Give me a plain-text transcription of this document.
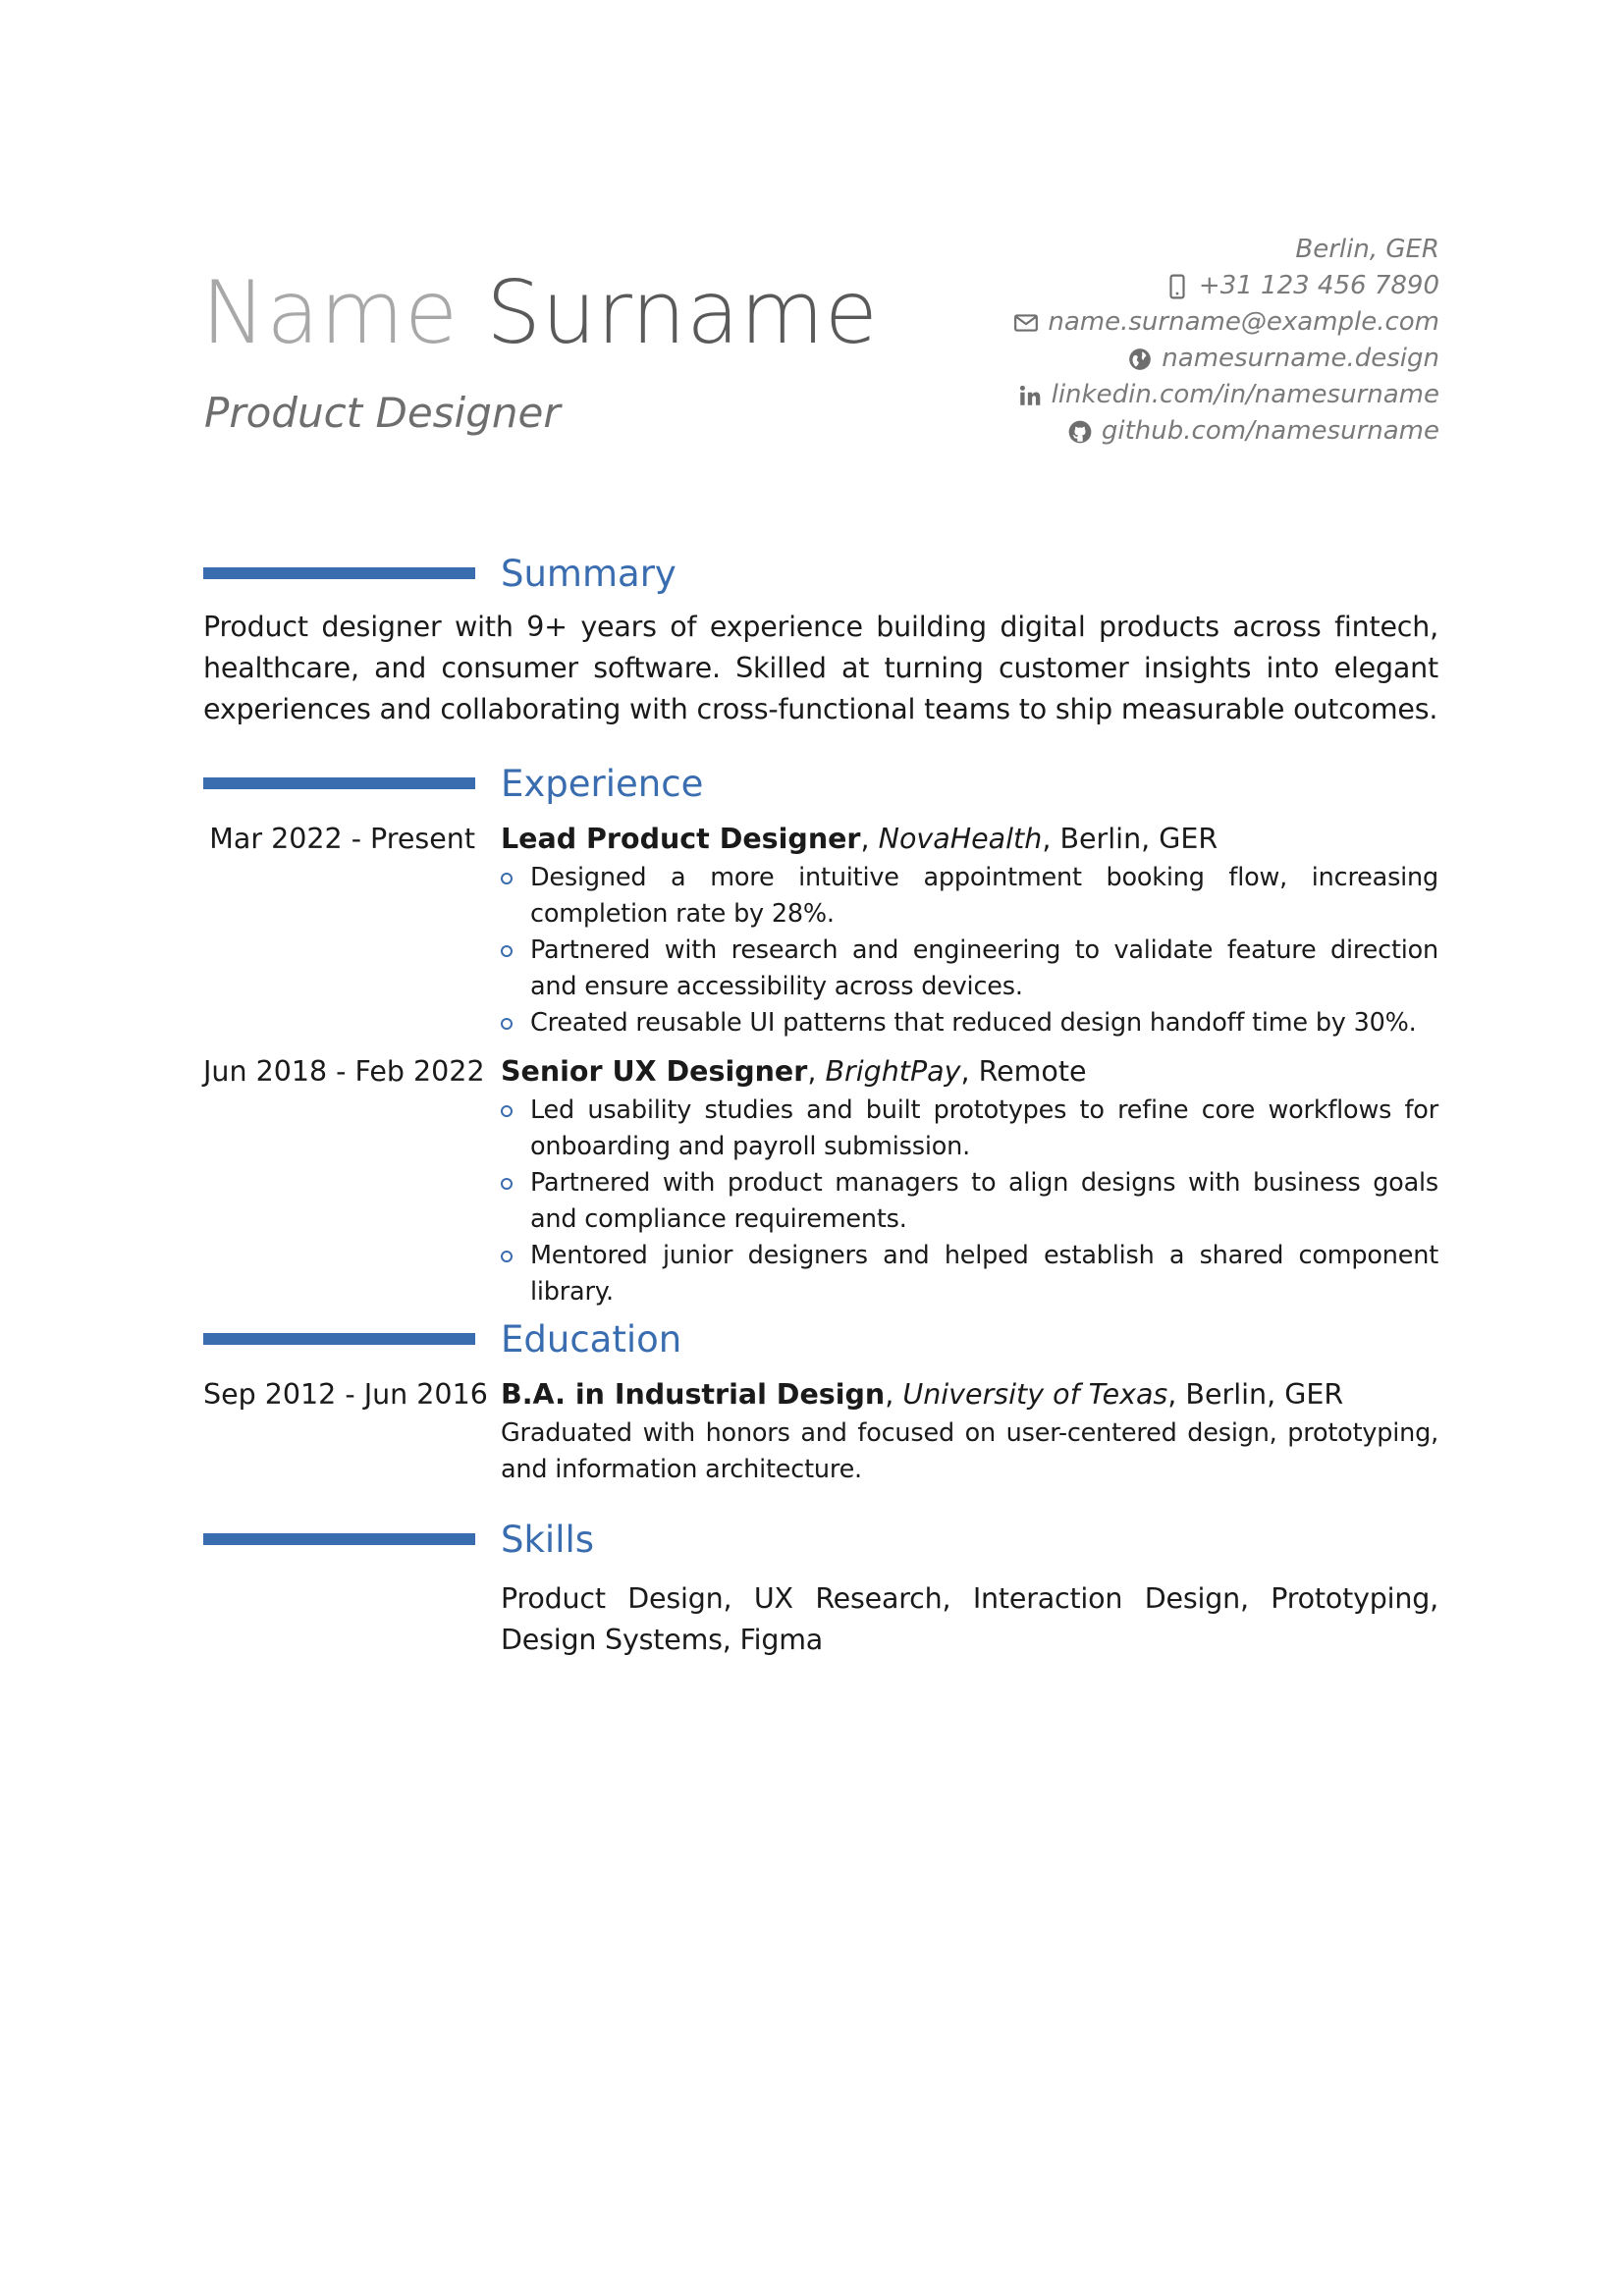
Name Surname
Product Designer
Berlin, GER
+31 123 456 7890
name.surname@example.com
namesurname.design
linkedin.com/in/namesurname
github.com/namesurname
Summary
Product designer with 9+ years of experience building digital products across fintech, healthcare, and consumer software. Skilled at turning customer insights into elegant experiences and collaborating with cross-functional teams to ship measurable outcomes.
Experience
Mar 2022 - Present Lead Product Designer, NovaHealth, Berlin, GER
Designed a more intuitive appointment booking flow, increasing completion rate by 28%.
Partnered with research and engineering to validate feature direction and ensure accessibility across devices.
Created reusable UI patterns that reduced design handoff time by 30%.
Jun 2018 - Feb 2022 Senior UX Designer, BrightPay, Remote
Led usability studies and built prototypes to refine core workflows for onboarding and payroll submission.
Partnered with product managers to align designs with business goals and compliance requirements.
Mentored junior designers and helped establish a shared component library.
Education
Sep 2012 - Jun 2016 B.A. in Industrial Design, University of Texas, Berlin, GER
Graduated with honors and focused on user-centered design, prototyping, and information architecture.
Skills
Product Design, UX Research, Interaction Design, Prototyping, Design Systems, Figma
